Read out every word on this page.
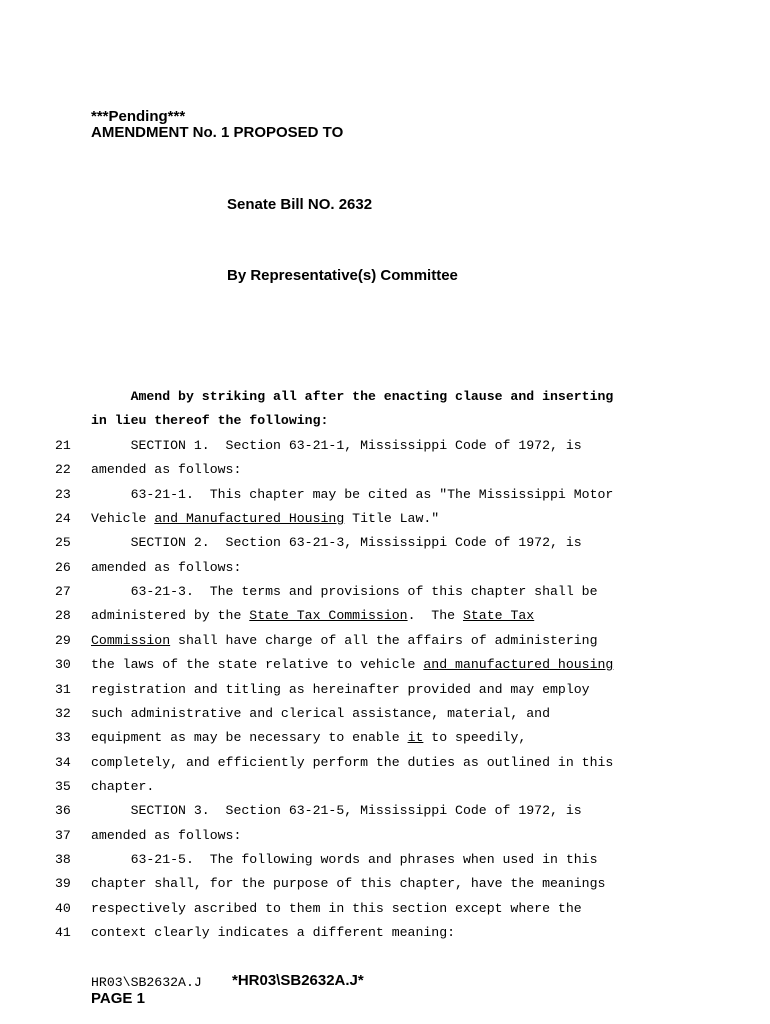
***Pending***
AMENDMENT No. 1 PROPOSED TO
Senate Bill NO. 2632
By Representative(s) Committee
Amend by striking all after the enacting clause and inserting
in lieu thereof the following:
21	SECTION 1.  Section 63-21-1, Mississippi Code of 1972, is
22	amended as follows:
23	63-21-1.  This chapter may be cited as "The Mississippi Motor
24	Vehicle and Manufactured Housing Title Law."
25	SECTION 2.  Section 63-21-3, Mississippi Code of 1972, is
26	amended as follows:
27	63-21-3.  The terms and provisions of this chapter shall be
28	administered by the State Tax Commission.  The State Tax
29	Commission shall have charge of all the affairs of administering
30	the laws of the state relative to vehicle and manufactured housing
31	registration and titling as hereinafter provided and may employ
32	such administrative and clerical assistance, material, and
33	equipment as may be necessary to enable it to speedily,
34	completely, and efficiently perform the duties as outlined in this
35	chapter.
36	SECTION 3.  Section 63-21-5, Mississippi Code of 1972, is
37	amended as follows:
38	63-21-5.  The following words and phrases when used in this
39	chapter shall, for the purpose of this chapter, have the meanings
40	respectively ascribed to them in this section except where the
41	context clearly indicates a different meaning:
HR03\SB2632A.J *HR03\SB2632A.J*
PAGE 1
